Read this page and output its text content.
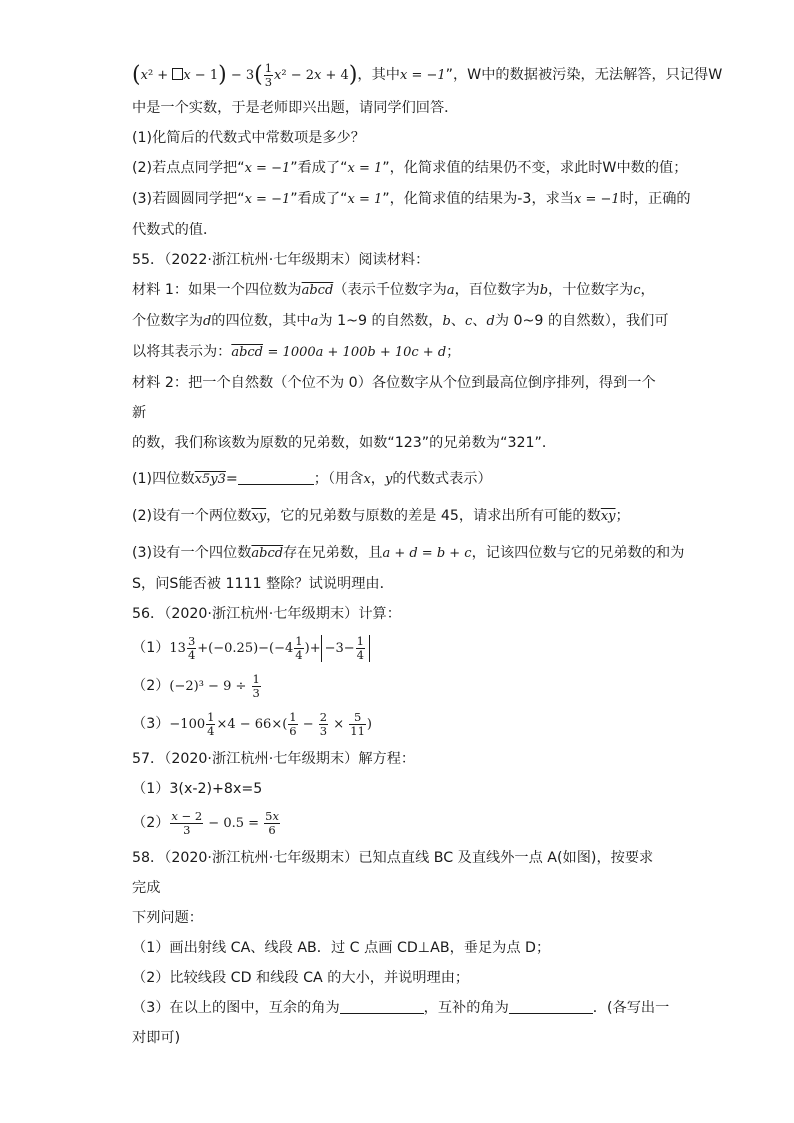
$(x^2 + x - 1) - 3( \frac{1}{3} x^2 - 2x + 4)$，其中x = −1”，W中的数据被污染，无法解答，只记得W

中是一个实数，于是老师即兴出题，请同学们回答．

(1)化简后的代数式中常数项是多少？

(2)若点点同学把“x = −1”看成了“x = 1”，化简求值的结果仍不变，求此时W中数的值；

(3)若圆圆同学把“x = −1”看成了“x = 1”，化简求值的结果为-3，求当x = −1时，正确的

代数式的值．

55．（2022·浙江杭州·七年级期末）阅读材料：

材料 1：如果一个四位数为abcd（表示千位数字为a，百位数字为b，十位数字为c，

个位数字为d的四位数，其中a为 1~9 的自然数，b、c、d为 0~9 的自然数），我们可

以将其表示为：abcd = 1000a + 100b + 10c + d；

材料 2：把一个自然数（个位不为 0）各位数字从个位到最高位倒序排列，得到一个新

的数，我们称该数为原数的兄弟数，如数“123”的兄弟数为“321”．

(1)四位数x5y3=	；（用含x，y的代数式表示）

(2)设有一个两位数$\overline{xy}$，它的兄弟数与原数的差是 45，请求出所有可能的数$\overline{xy}$；

(3)设有一个四位数abcd存在兄弟数，且a + d = b + c，记该四位数与它的兄弟数的和为

S，问S能否被 1111 整除？试说明理由．

56．（2020·浙江杭州·七年级期末）计算：

$(1)13 \frac{3}{4} +(-0.25)-(-4 \frac{1}{4}$ )+ $-3- \frac{1}{4}$

$(2)(-2)^3 - 9 \div \frac{1}{3}$

$(3)-100 \frac{1}{4} \times 4 - 66\times( \frac{1}{6} - \frac{2}{3} \times \frac{5}{11}$ )

57．（2020·浙江杭州·七年级期末）解方程：

（1）3(x-2)+8x=5

$(2) \frac{x - 2}{3} - 0.5 = \frac{5x}{6}$

58．（2020·浙江杭州·七年级期末）已知点直线 BC 及直线外一点 A(如图)，按要求完成

下列问题：

（1）画出射线 CA、线段 AB．过 C 点画 CD⊥AB，垂足为点 D；

（2）比较线段 CD 和线段 CA 的大小，并说明理由；

（3）在以上的图中，互余的角为	，互补的角为	．(各写出一

对即可)
